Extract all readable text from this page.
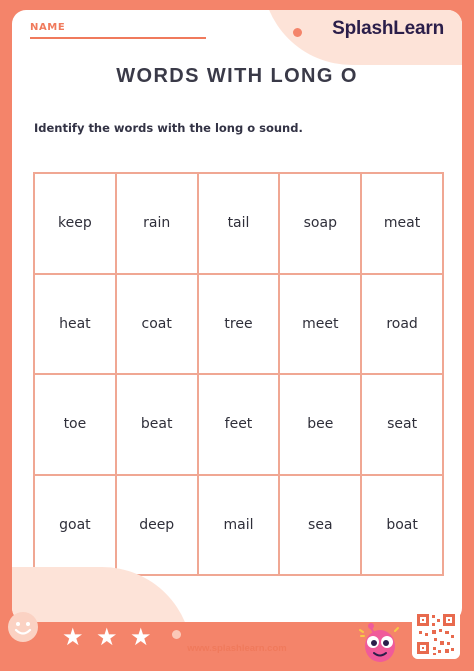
SplashLearn
NAME
WORDS WITH LONG O
Identify the words with the long o sound.
keep	rain	tail	soap	meat
heat	coat	tree	meet	road
toe	beat	feet	bee	seat
goat	deep	mail	sea	boat
★ ★ ★	www.splashlearn.com
